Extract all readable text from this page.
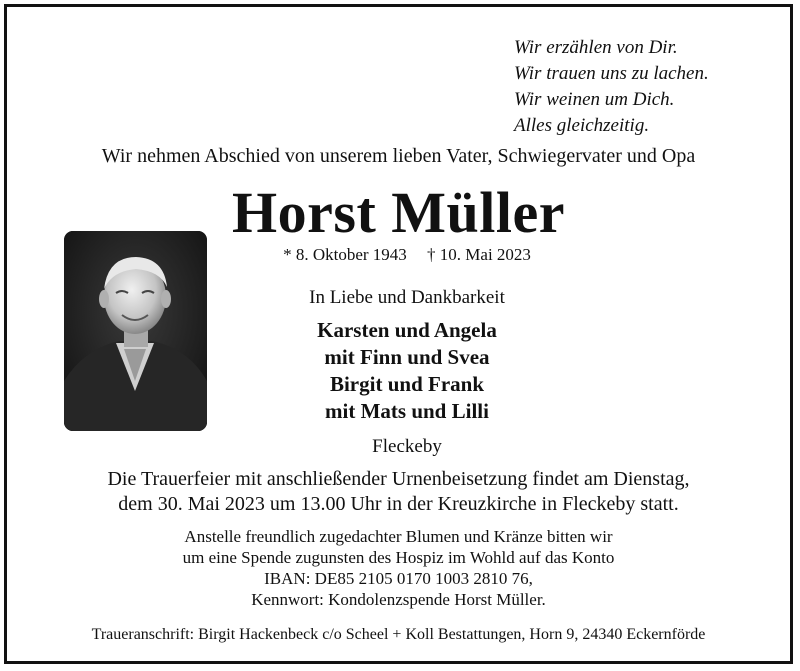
Wir erzählen von Dir.
Wir trauen uns zu lachen.
Wir weinen um Dich.
Alles gleichzeitig.
Wir nehmen Abschied von unserem lieben Vater, Schwiegervater und Opa
Horst Müller
* 8. Oktober 1943 † 10. Mai 2023
In Liebe und Dankbarkeit
Karsten und Angela
mit Finn und Svea
Birgit und Frank
mit Mats und Lilli
Fleckeby
Die Trauerfeier mit anschließender Urnenbeisetzung findet am Dienstag,
dem 30. Mai 2023 um 13.00 Uhr in der Kreuzkirche in Fleckeby statt.
Anstelle freundlich zugedachter Blumen und Kränze bitten wir
um eine Spende zugunsten des Hospiz im Wohld auf das Konto
IBAN: DE85 2105 0170 1003 2810 76,
Kennwort: Kondolenzspende Horst Müller.
Traueranschrift: Birgit Hackenbeck c/o Scheel + Koll Bestattungen, Horn 9, 24340 Eckernförde
